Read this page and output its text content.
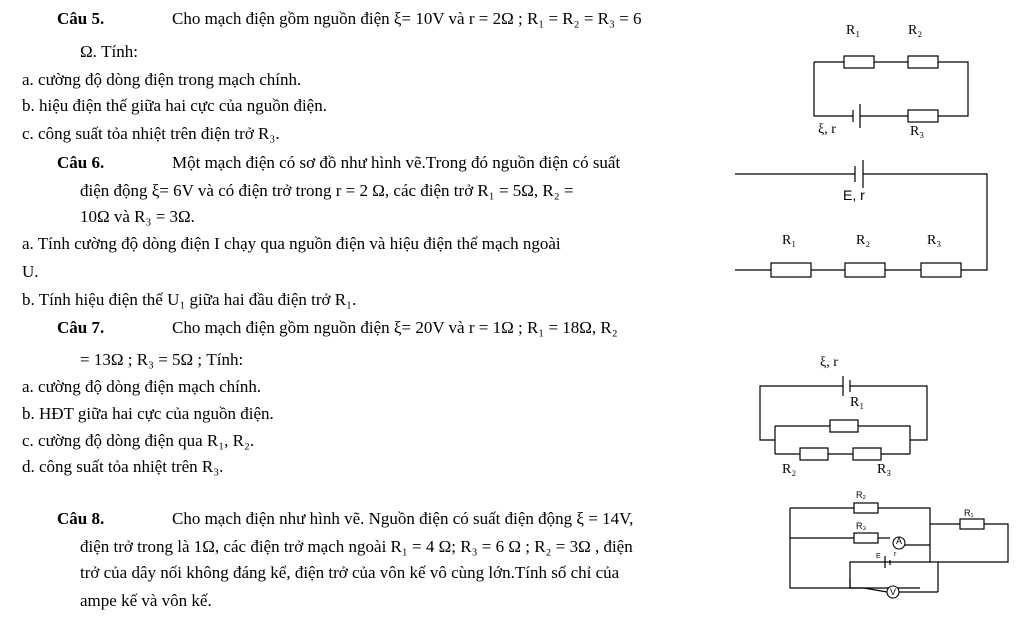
Câu 5.	Cho mạch điện gồm nguồn điện ξ= 10V và r = 2Ω ; R₁ = R₂ = R₃ = 6
Ω. Tính:
a. cường độ dòng điện trong mạch chính.
b. hiệu điện thế giữa hai cực của nguồn điện.
c. công suất tỏa nhiệt trên điện trở R₃.
R₁	R₂
ξ, r	R₃
Câu 6.	Một mạch điện có sơ đồ như hình vẽ.Trong đó nguồn điện có suất
điện động ξ= 6V và có điện trở trong r = 2 Ω, các điện trở R₁ = 5Ω, R₂ =
10Ω và R₃ = 3Ω.
a. Tính cường độ dòng điện I chạy qua nguồn điện và hiệu điện thế mạch ngoài
U.
b. Tính hiệu điện thế U₁ giữa hai đầu điện trở R₁.
E, r
R₁	R₂	R₃
Câu 7.	Cho mạch điện gồm nguồn điện ξ= 20V và r = 1Ω ; R₁ = 18Ω, R₂
= 13Ω ; R₃ = 5Ω ; Tính:
a. cường độ dòng điện mạch chính.
b. HĐT giữa hai cực của nguồn điện.
c. cường độ dòng điện qua R₁, R₂.
d. công suất tỏa nhiệt trên R₃.
ξ, r
R₁
R₂	R₃
Câu 8.	Cho mạch điện như hình vẽ. Nguồn điện có suất điện động ξ = 14V,
điện trở trong là 1Ω, các điện trở mạch ngoài R₁ = 4 Ω; R₃ = 6 Ω ; R₂ = 3Ω , điện
trở của dây nối không đáng kể, điện trở của vôn kế vô cùng lớn.Tính số chỉ của
ampe kế và vôn kế.
R₂
R₁
R₃
A
E r
V
